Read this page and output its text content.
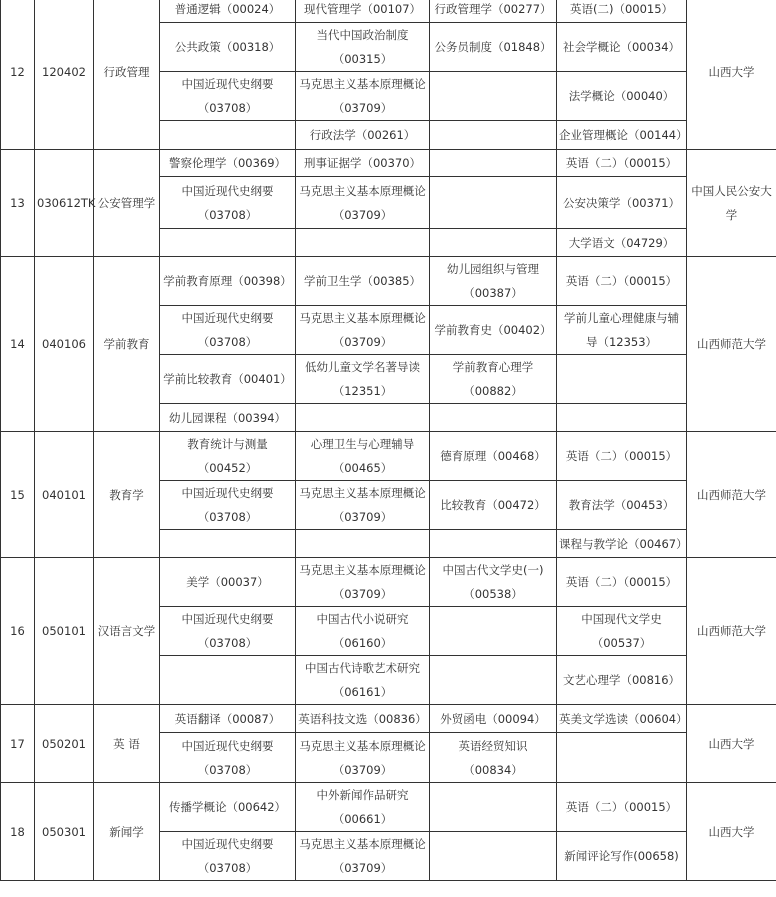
12	120402	行政管理	普通逻辑（00024）	现代管理学（00107）	行政管理学（00277）	英语(二)（00015）	山西大学
			公共政策（00318）	当代中国政治制度（00315）	公务员制度（01848）	社会学概论（00034）	
			中国近现代史纲要（03708）	马克思主义基本原理概论（03709）		法学概论（00040）	
				行政法学（00261）		企业管理概论（00144）	
13	030612TK	公安管理学	警察伦理学（00369）	刑事证据学（00370）		英语（二）（00015）	中国人民公安大学
			中国近现代史纲要（03708）	马克思主义基本原理概论（03709）		公安决策学（00371）	
						大学语文（04729）	
14	040106	学前教育	学前教育原理（00398）	学前卫生学（00385）	幼儿园组织与管理（00387）	英语（二）（00015）	山西师范大学
			中国近现代史纲要（03708）	马克思主义基本原理概论（03709）	学前教育史（00402）	学前儿童心理健康与辅导（12353）	
			学前比较教育（00401）	低幼儿童文学名著导读（12351）	学前教育心理学（00882）		
			幼儿园课程（00394）				
15	040101	教育学	教育统计与测量（00452）	心理卫生与心理辅导（00465）	德育原理（00468）	英语（二）（00015）	山西师范大学
			中国近现代史纲要（03708）	马克思主义基本原理概论（03709）	比较教育（00472）	教育法学（00453）	
						课程与教学论（00467）	
16	050101	汉语言文学	美学（00037）	马克思主义基本原理概论（03709）	中国古代文学史(一)（00538）	英语（二）（00015）	山西师范大学
			中国近现代史纲要（03708）	中国古代小说研究（06160）		中国现代文学史（00537）	
				中国古代诗歌艺术研究（06161）		文艺心理学（00816）	
17	050201	英 语	英语翻译（00087）	英语科技文选（00836）	外贸函电（00094）	英美文学选读（00604）	山西大学
			中国近现代史纲要（03708）	马克思主义基本原理概论（03709）	英语经贸知识（00834）		
18	050301	新闻学	传播学概论（00642）	中外新闻作品研究（00661）		英语（二）（00015）	山西大学
			中国近现代史纲要（03708）	马克思主义基本原理概论（03709）		新闻评论写作(00658)	
